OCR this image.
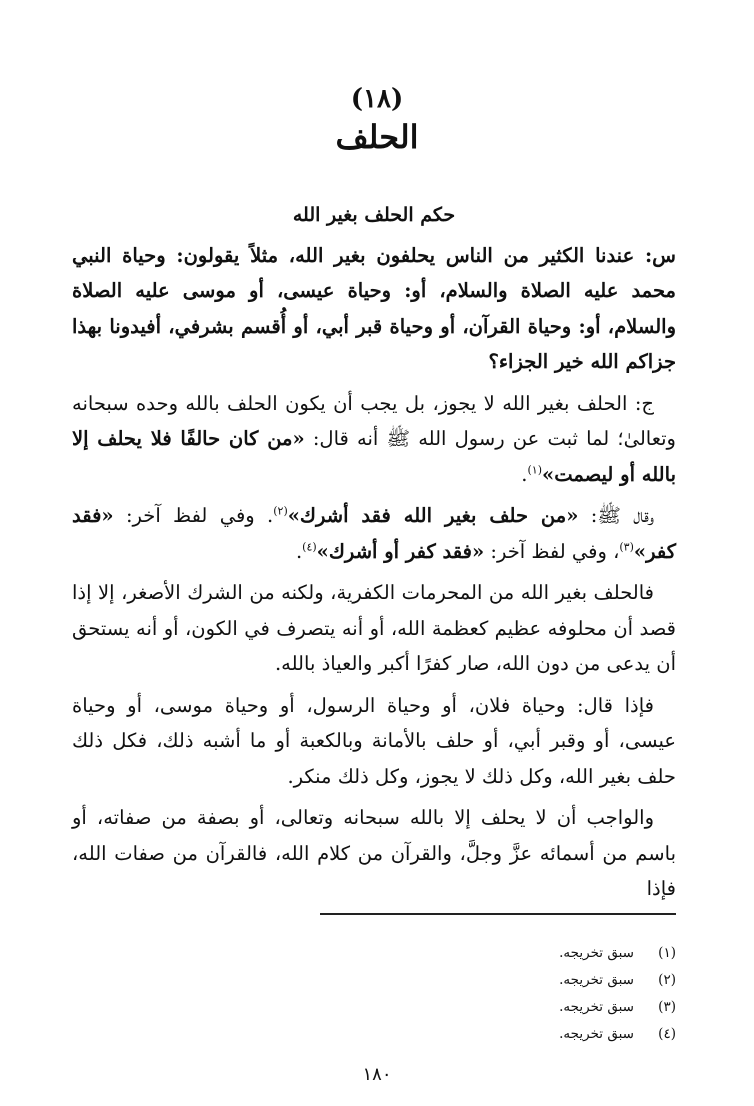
(١٨)
الحلف
حكم الحلف بغير الله

س: عندنا الكثير من الناس يحلفون بغير الله، مثلاً يقولون: وحياة النبي محمد عليه الصلاة والسلام، أو: وحياة عيسى، أو موسى عليه الصلاة والسلام، أو: وحياة القرآن، أو وحياة قبر أبي، أو أُقسم بشرفي، أفيدونا بهذا جزاكم الله خير الجزاء؟

ج: الحلف بغير الله لا يجوز، بل يجب أن يكون الحلف بالله وحده سبحانه وتعالىٰ؛ لما ثبت عن رسول الله ﷺ أنه قال: «من كان حالفًا فلا يحلف إلا بالله أو ليصمت»$^{(١)}$.

وقال ﷺ: «من حلف بغير الله فقد أشرك»$^{(٢)}$. وفي لفظ آخر: «فقد كفر»$^{(٣)}$، وفي لفظ آخر: «فقد كفر أو أشرك»$^{(٤)}$.

فالحلف بغير الله من المحرمات الكفرية، ولكنه من الشرك الأصغر، إلا إذا قصد أن محلوفه عظيم كعظمة الله، أو أنه يتصرف في الكون، أو أنه يستحق أن يدعى من دون الله، صار كفرًا أكبر والعياذ بالله.

فإذا قال: وحياة فلان، أو وحياة الرسول، أو وحياة موسى، أو وحياة عيسى، أو وقبر أبي، أو حلف بالأمانة وبالكعبة أو ما أشبه ذلك، فكل ذلك حلف بغير الله، وكل ذلك لا يجوز، وكل ذلك منكر.

والواجب أن لا يحلف إلا بالله سبحانه وتعالى، أو بصفة من صفاته، أو باسم من أسمائه عزَّ وجلَّ، والقرآن من كلام الله، فالقرآن من صفات الله، فإذا

(١)سبق تخريجه.
(٢)سبق تخريجه.
(٣)سبق تخريجه.
(٤)سبق تخريجه.
١٨٠
